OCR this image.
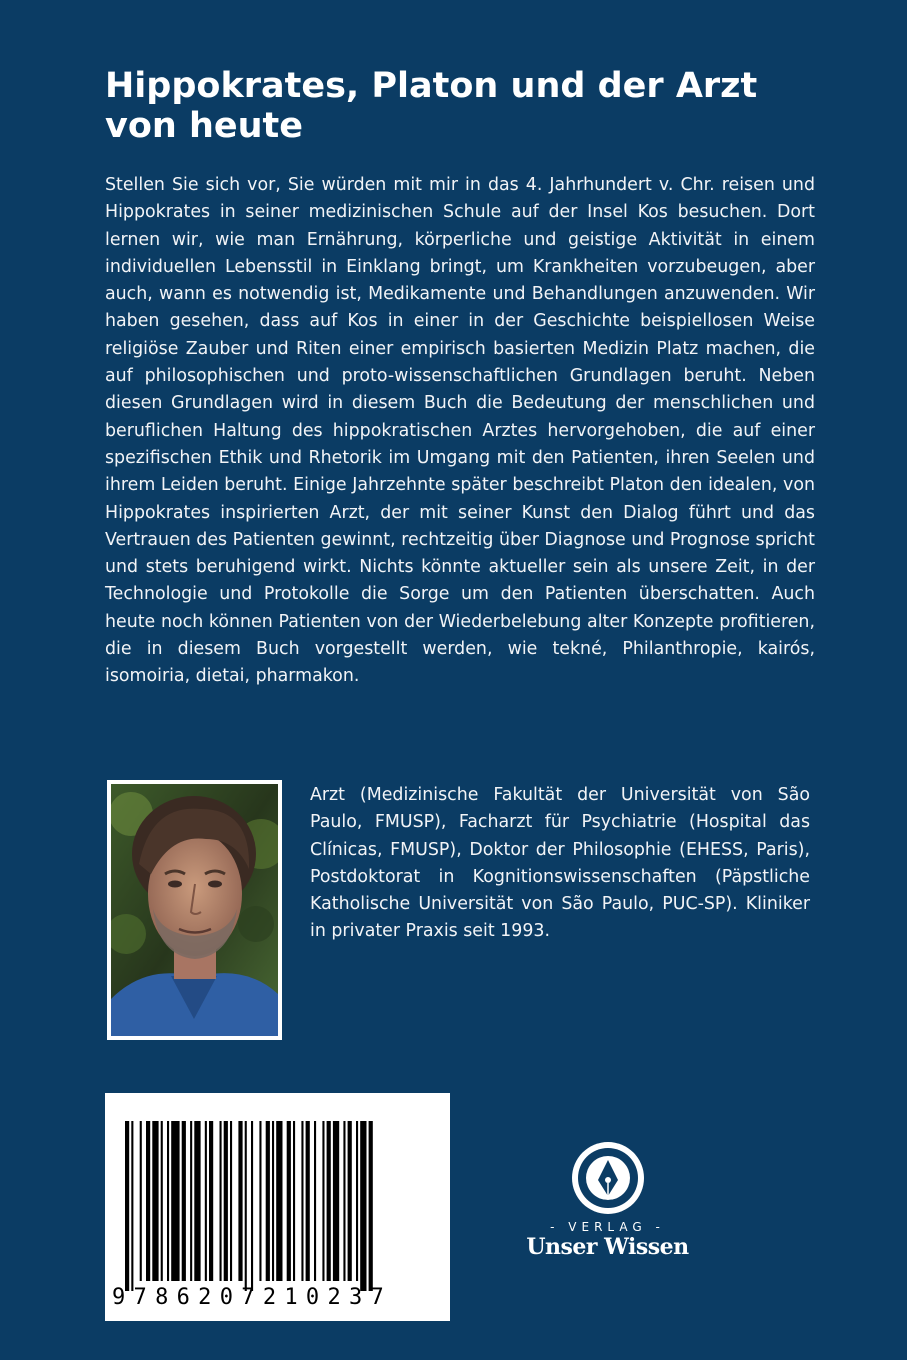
Hippokrates, Platon und der Arzt von heute

Stellen Sie sich vor, Sie würden mit mir in das 4. Jahrhundert v. Chr. reisen und Hippokrates in seiner medizinischen Schule auf der Insel Kos besuchen. Dort lernen wir, wie man Ernährung, körperliche und geistige Aktivität in einem individuellen Lebensstil in Einklang bringt, um Krankheiten vorzubeugen, aber auch, wann es notwendig ist, Medikamente und Behandlungen anzuwenden. Wir haben gesehen, dass auf Kos in einer in der Geschichte beispiellosen Weise religiöse Zauber und Riten einer empirisch basierten Medizin Platz machen, die auf philosophischen und proto-wissenschaftlichen Grundlagen beruht. Neben diesen Grundlagen wird in diesem Buch die Bedeutung der menschlichen und beruflichen Haltung des hippokratischen Arztes hervorgehoben, die auf einer spezifischen Ethik und Rhetorik im Umgang mit den Patienten, ihren Seelen und ihrem Leiden beruht. Einige Jahrzehnte später beschreibt Platon den idealen, von Hippokrates inspirierten Arzt, der mit seiner Kunst den Dialog führt und das Vertrauen des Patienten gewinnt, rechtzeitig über Diagnose und Prognose spricht und stets beruhigend wirkt. Nichts könnte aktueller sein als unsere Zeit, in der Technologie und Protokolle die Sorge um den Patienten überschatten. Auch heute noch können Patienten von der Wiederbelebung alter Konzepte profitieren, die in diesem Buch vorgestellt werden, wie tekné, Philanthropie, kairós, isomoiria, dietai, pharmakon.

Arzt (Medizinische Fakultät der Universität von São Paulo, FMUSP), Facharzt für Psychiatrie (Hospital das Clínicas, FMUSP), Doktor der Philosophie (EHESS, Paris), Postdoktorat in Kognitionswissenschaften (Päpstliche Katholische Universität von São Paulo, PUC-SP). Kliniker in privater Praxis seit 1993.

9786207210237
- VERLAG -
Unser Wissen
